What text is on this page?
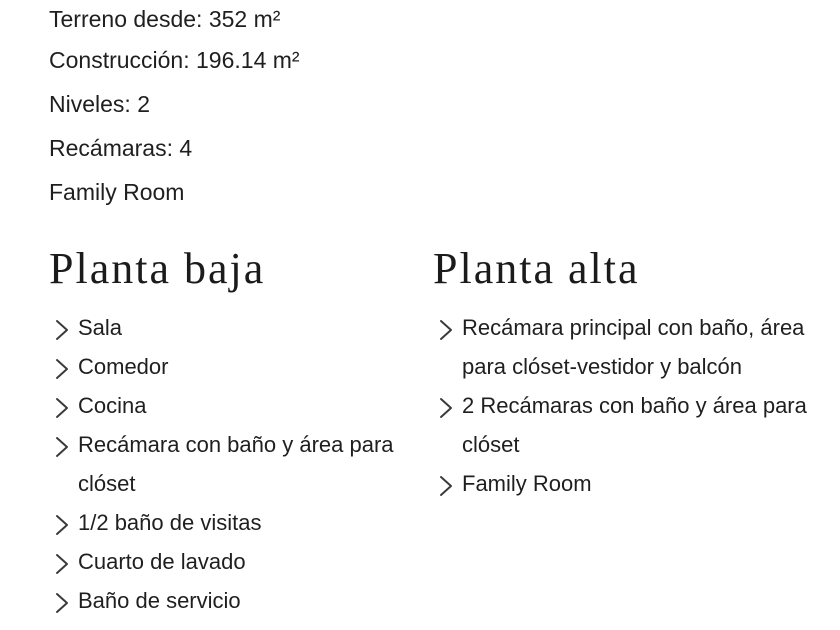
Terreno desde: 352 m²
Construcción: 196.14 m²
Niveles: 2
Recámaras: 4
Family Room
Planta baja
Sala
Comedor
Cocina
Recámara con baño y área para clóset
1/2 baño de visitas
Cuarto de lavado
Baño de servicio
Planta alta
Recámara principal con baño, área para clóset-vestidor y balcón
2 Recámaras con baño y área para clóset
Family Room
